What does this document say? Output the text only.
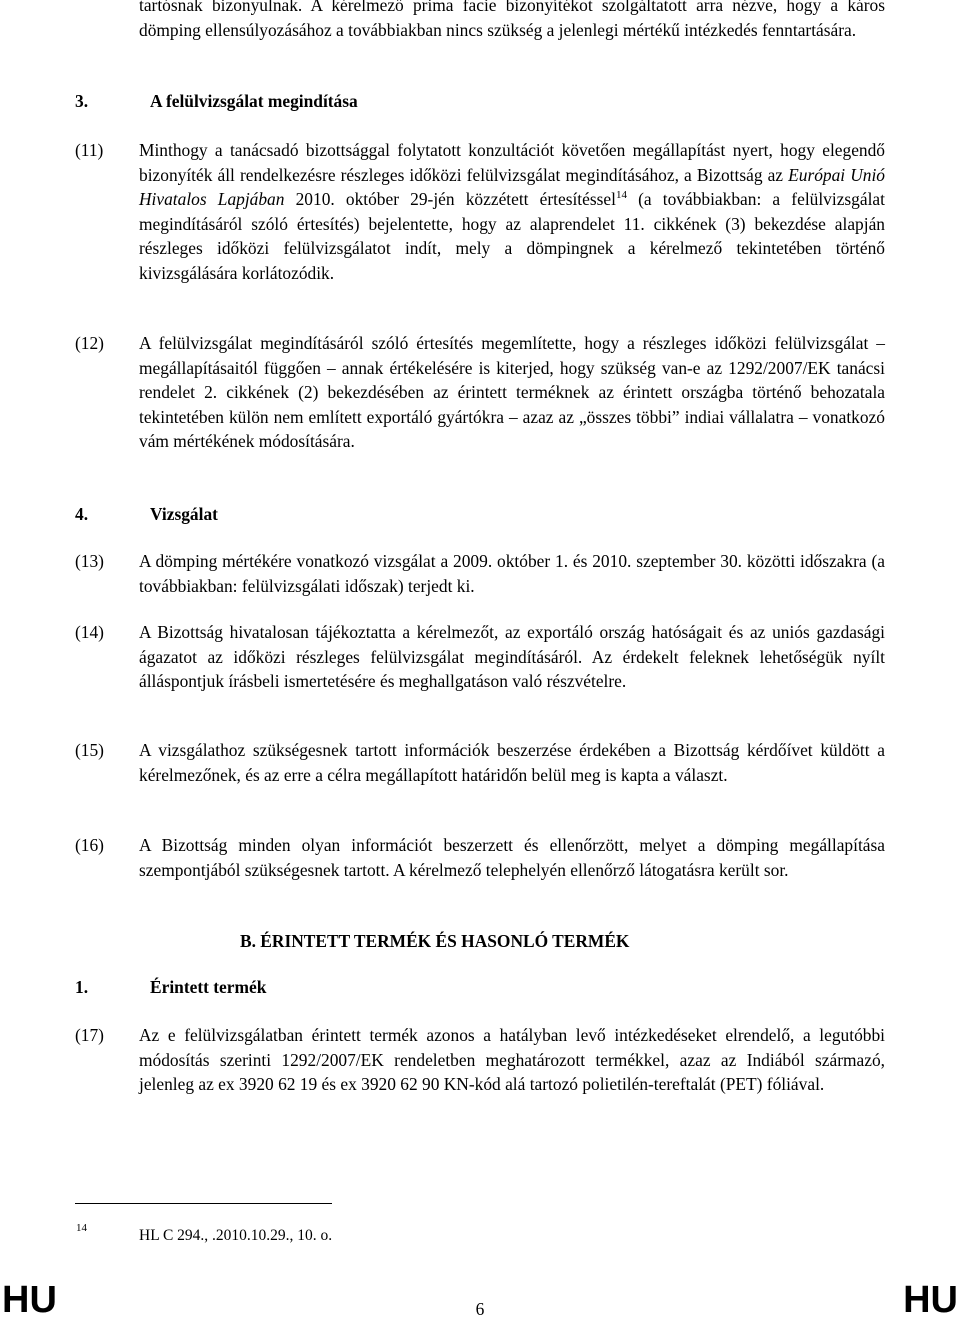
tartósnak bizonyulnak. A kérelmező prima facie bizonyítékot szolgáltatott arra nézve, hogy a káros dömping ellensúlyozásához a továbbiakban nincs szükség a jelenlegi mértékű intézkedés fenntartására.
3.	A felülvizsgálat megindítása
(11) Minthogy a tanácsadó bizottsággal folytatott konzultációt követően megállapítást nyert, hogy elegendő bizonyíték áll rendelkezésre részleges időközi felülvizsgálat megindításához, a Bizottság az Európai Unió Hivatalos Lapjában 2010. október 29-jén közzétett értesítéssel$^{14}$ (a továbbiakban: a felülvizsgálat megindításáról szóló értesítés) bejelentette, hogy az alaprendelet 11. cikkének (3) bekezdése alapján részleges időközi felülvizsgálatot indít, mely a dömpingnek a kérelmező tekintetében történő kivizsgálására korlátozódik.
(12) A felülvizsgálat megindításáról szóló értesítés megemlítette, hogy a részleges időközi felülvizsgálat – megállapításaitól függően – annak értékelésére is kiterjed, hogy szükség van-e az 1292/2007/EK tanácsi rendelet 2. cikkének (2) bekezdésében az érintett terméknek az érintett országba történő behozatala tekintetében külön nem említett exportáló gyártókra – azaz az „összes többi” indiai vállalatra – vonatkozó vám mértékének módosítására.
4.	Vizsgálat
(13) A dömping mértékére vonatkozó vizsgálat a 2009. október 1. és 2010. szeptember 30. közötti időszakra (a továbbiakban: felülvizsgálati időszak) terjedt ki.
(14) A Bizottság hivatalosan tájékoztatta a kérelmezőt, az exportáló ország hatóságait és az uniós gazdasági ágazatot az időközi részleges felülvizsgálat megindításáról. Az érdekelt feleknek lehetőségük nyílt álláspontjuk írásbeli ismertetésére és meghallgatáson való részvételre.
(15) A vizsgálathoz szükségesnek tartott információk beszerzése érdekében a Bizottság kérdőívet küldött a kérelmezőnek, és az erre a célra megállapított határidőn belül meg is kapta a választ.
(16) A Bizottság minden olyan információt beszerzett és ellenőrzött, melyet a dömping megállapítása szempontjából szükségesnek tartott. A kérelmező telephelyén ellenőrző látogatásra került sor.
B. ÉRINTETT TERMÉK ÉS HASONLÓ TERMÉK
1.	Érintett termék
(17) Az e felülvizsgálatban érintett termék azonos a hatályban levő intézkedéseket elrendelő, a legutóbbi módosítás szerinti 1292/2007/EK rendeletben meghatározott termékkel, azaz az Indiából származó, jelenleg az ex 3920 62 19 és ex 3920 62 90 KN-kód alá tartozó polietilén-tereftalát (PET) fóliával.
14	HL C 294., .2010.10.29., 10. o.
HU	6	HU
